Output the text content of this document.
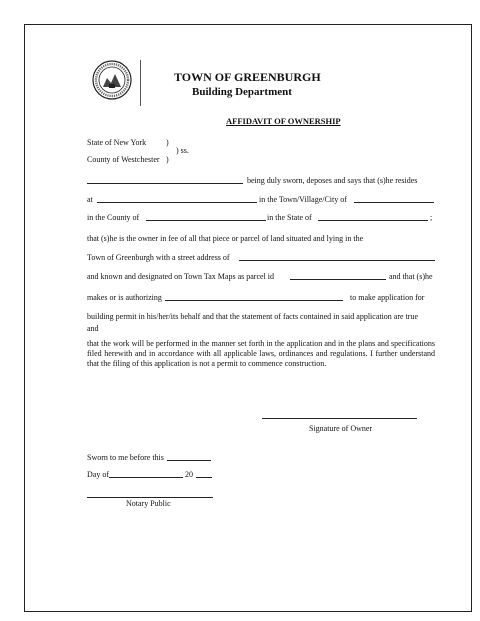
TOWN OF GREENBURGH
Building Department
AFFIDAVIT OF OWNERSHIP
State of New York )
) ss.
County of Westchester )
being duly sworn, deposes and says that (s)he resides
at	in the Town/Village/City of
in the County of	in the State of	;
that (s)he is the owner in fee of all that piece or parcel of land situated and lying in the
Town of Greenburgh with a street address of
and known and designated on Town Tax Maps as parcel id	and that (s)he
makes or is authorizing	to make application for
building permit in his/her/its behalf and that the statement of facts contained in said application are true
and
that the work will be performed in the manner set forth in the application and in the plans and specifications filed herewith and in accordance with all applicable laws, ordinances and regulations. I further understand that the filing of this application is not a permit to commence construction.
Signature of Owner
Sworn to me before this
Day of	20
Notary Public
